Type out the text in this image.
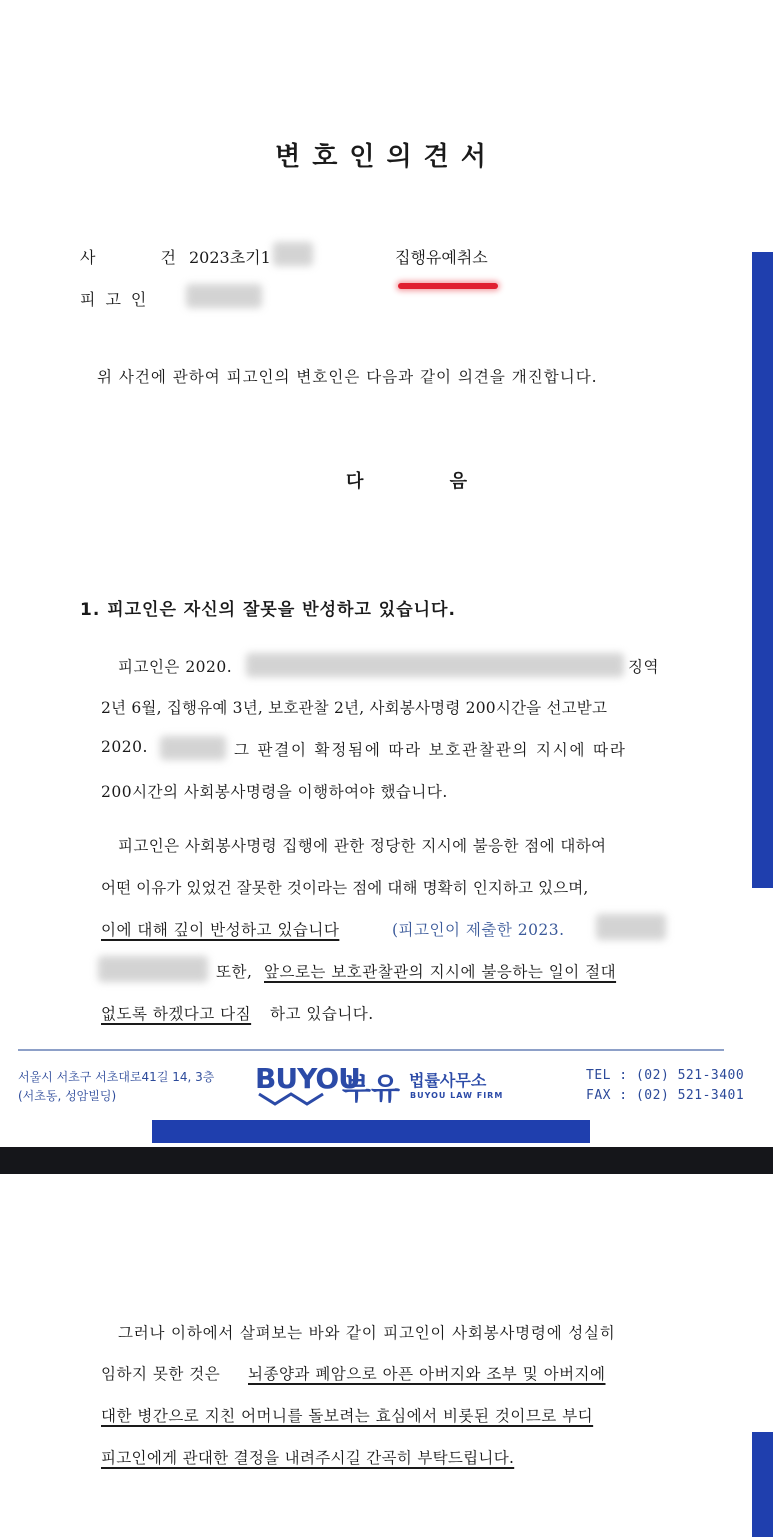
변호인의견서
사 건
2023초기1	집행유예취소
피고인
위 사건에 관하여 피고인의 변호인은 다음과 같이 의견을 개진합니다.
다 음
1. 피고인은 자신의 잘못을 반성하고 있습니다.
피고인은 2020.	징역
2년 6월, 집행유예 3년, 보호관찰 2년, 사회봉사명령 200시간을 선고받고
2020.	그 판결이 확정됨에 따라 보호관찰관의 지시에 따라
200시간의 사회봉사명령을 이행하여야 했습니다.
피고인은 사회봉사명령 집행에 관한 정당한 지시에 불응한 점에 대하여
어떤 이유가 있었건 잘못한 것이라는 점에 대해 명확히 인지하고 있으며,
이에 대해 깊이 반성하고 있습니다	(피고인이 제출한 2023.
또한, 앞으로는 보호관찰관의 지시에 불응하는 일이 절대
없도록 하겠다고 다짐 하고 있습니다.
서울시 서초구 서초대로41길 14, 3층
(서초동, 성암빌딩)
BUYOU
부유 법률사무소
BUYOU LAW FIRM
TEL : (02) 521-3400
FAX : (02) 521-3401
그러나 이하에서 살펴보는 바와 같이 피고인이 사회봉사명령에 성실히
임하지 못한 것은 뇌종양과 폐암으로 아픈 아버지와 조부 및 아버지에
대한 병간으로 지친 어머니를 돌보려는 효심에서 비롯된 것이므로 부디
피고인에게 관대한 결정을 내려주시길 간곡히 부탁드립니다.
